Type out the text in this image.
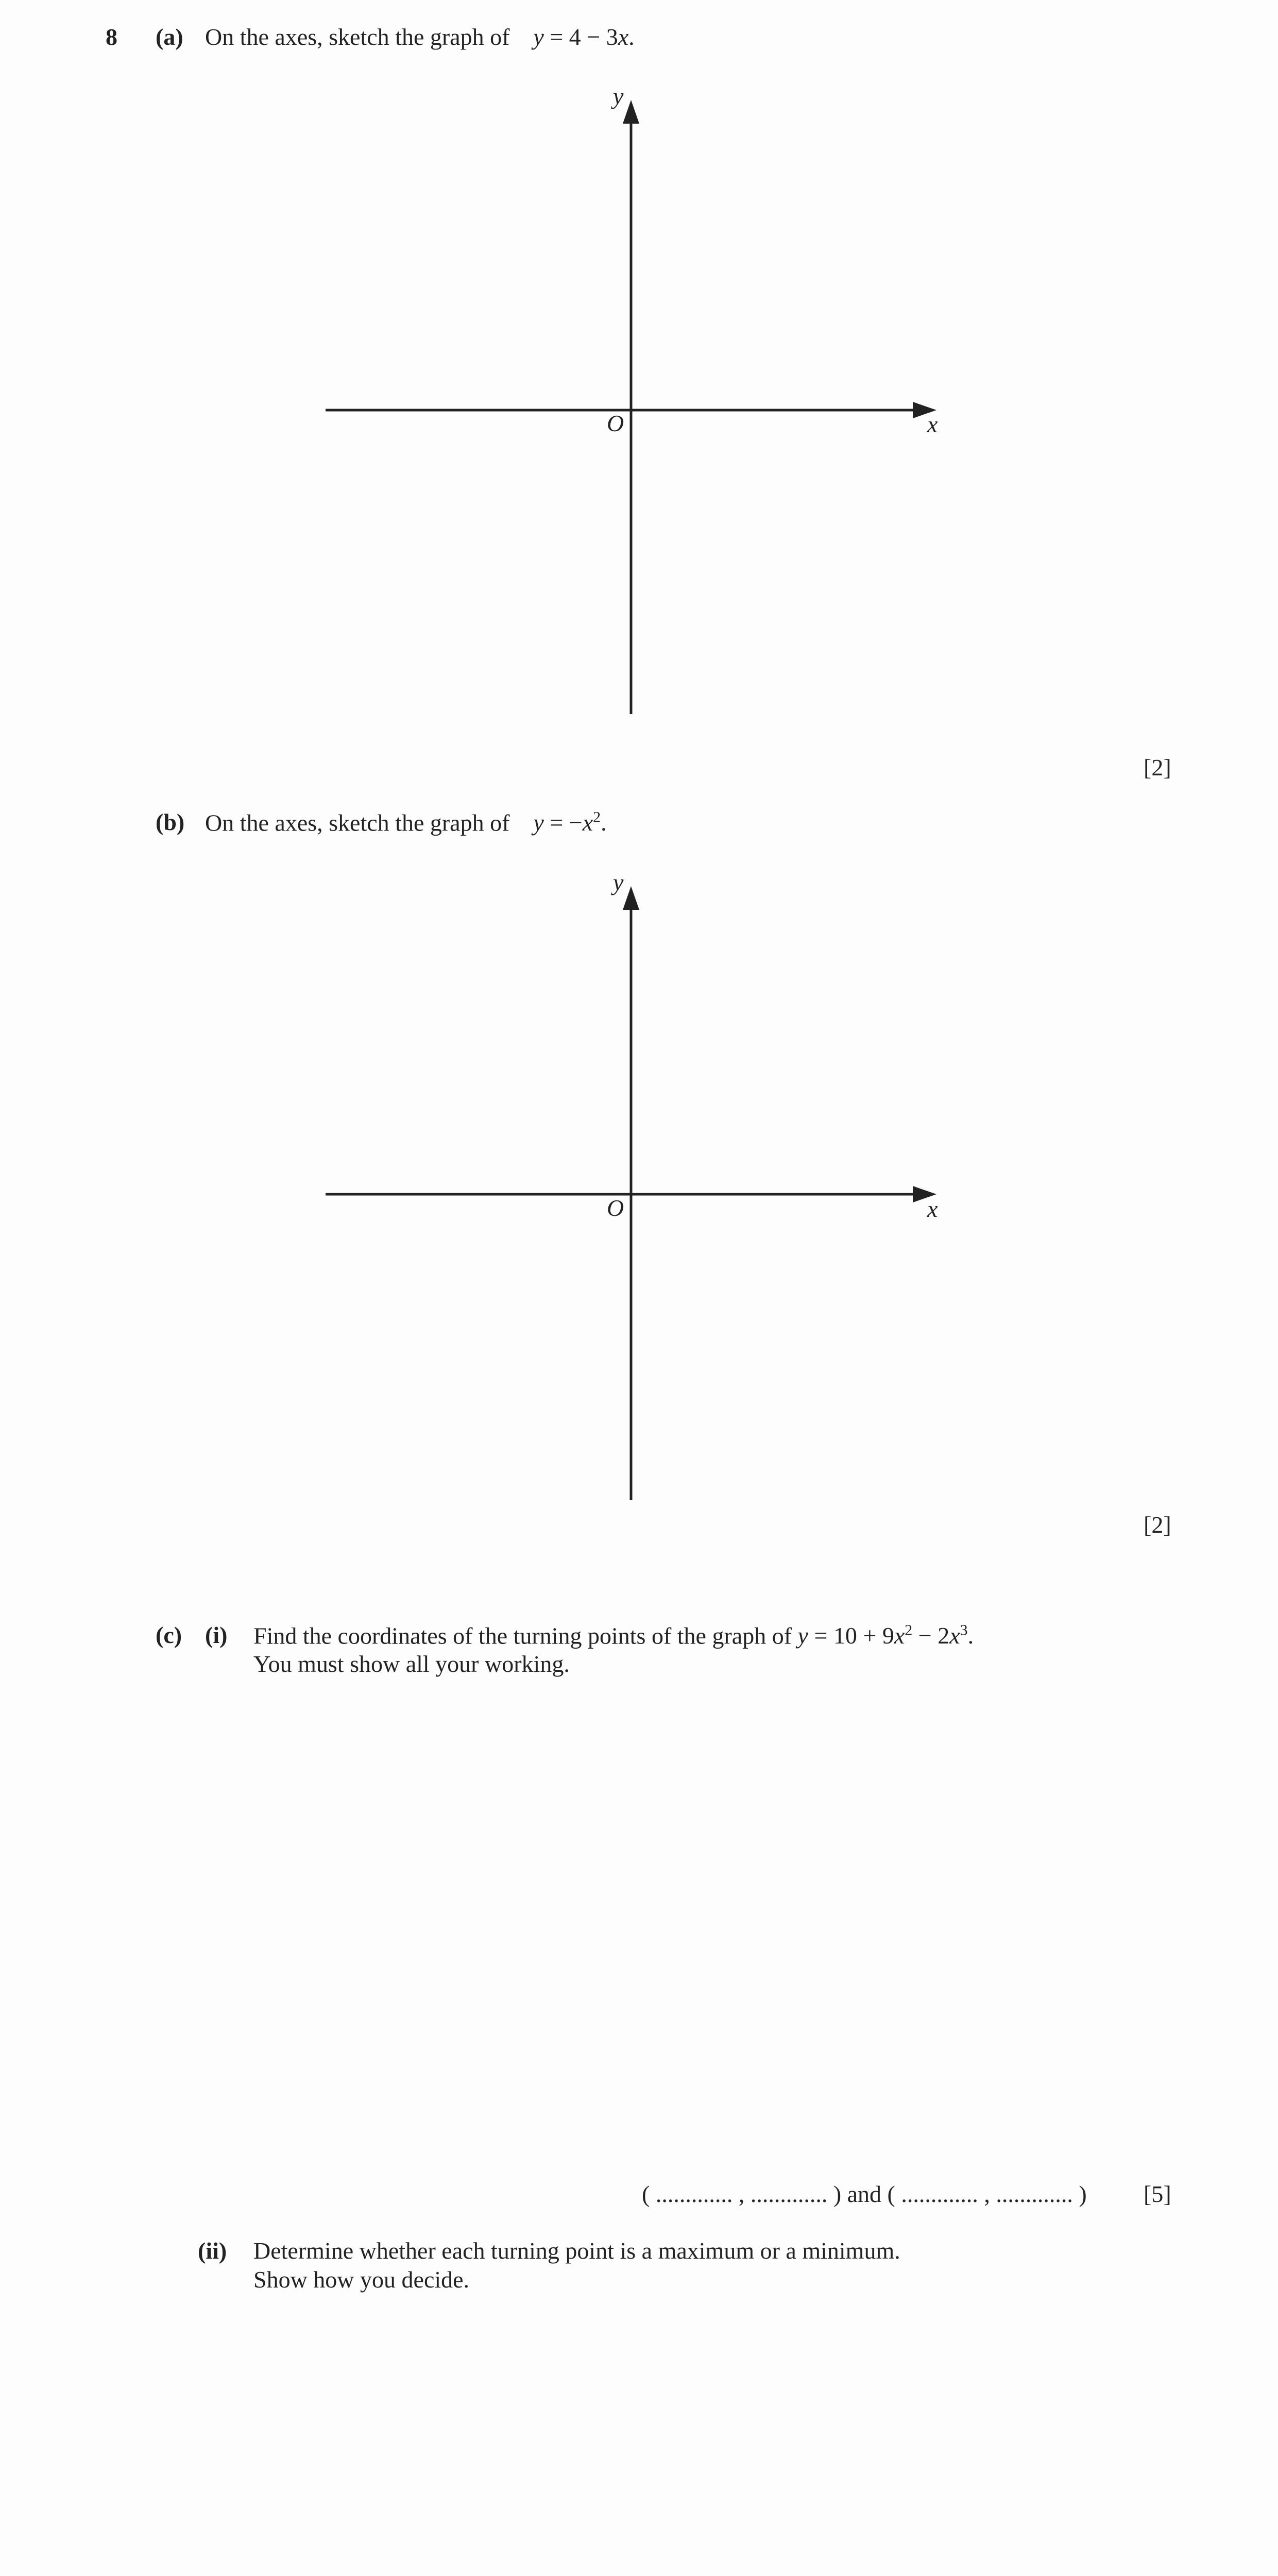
8 (a) On the axes, sketch the graph of y = 4 − 3x.
y
x
O
[2]
(b) On the axes, sketch the graph of $y = -x^2$.
y
x
O
[2]
(c) (i) Find the coordinates of the turning points of the graph of $y = 10 + 9x^2 - 2x^3$.
You must show all your working.
( ............. , ............. ) and ( ............. , ............. ) [5]
(ii) Determine whether each turning point is a maximum or a minimum.
Show how you decide.
